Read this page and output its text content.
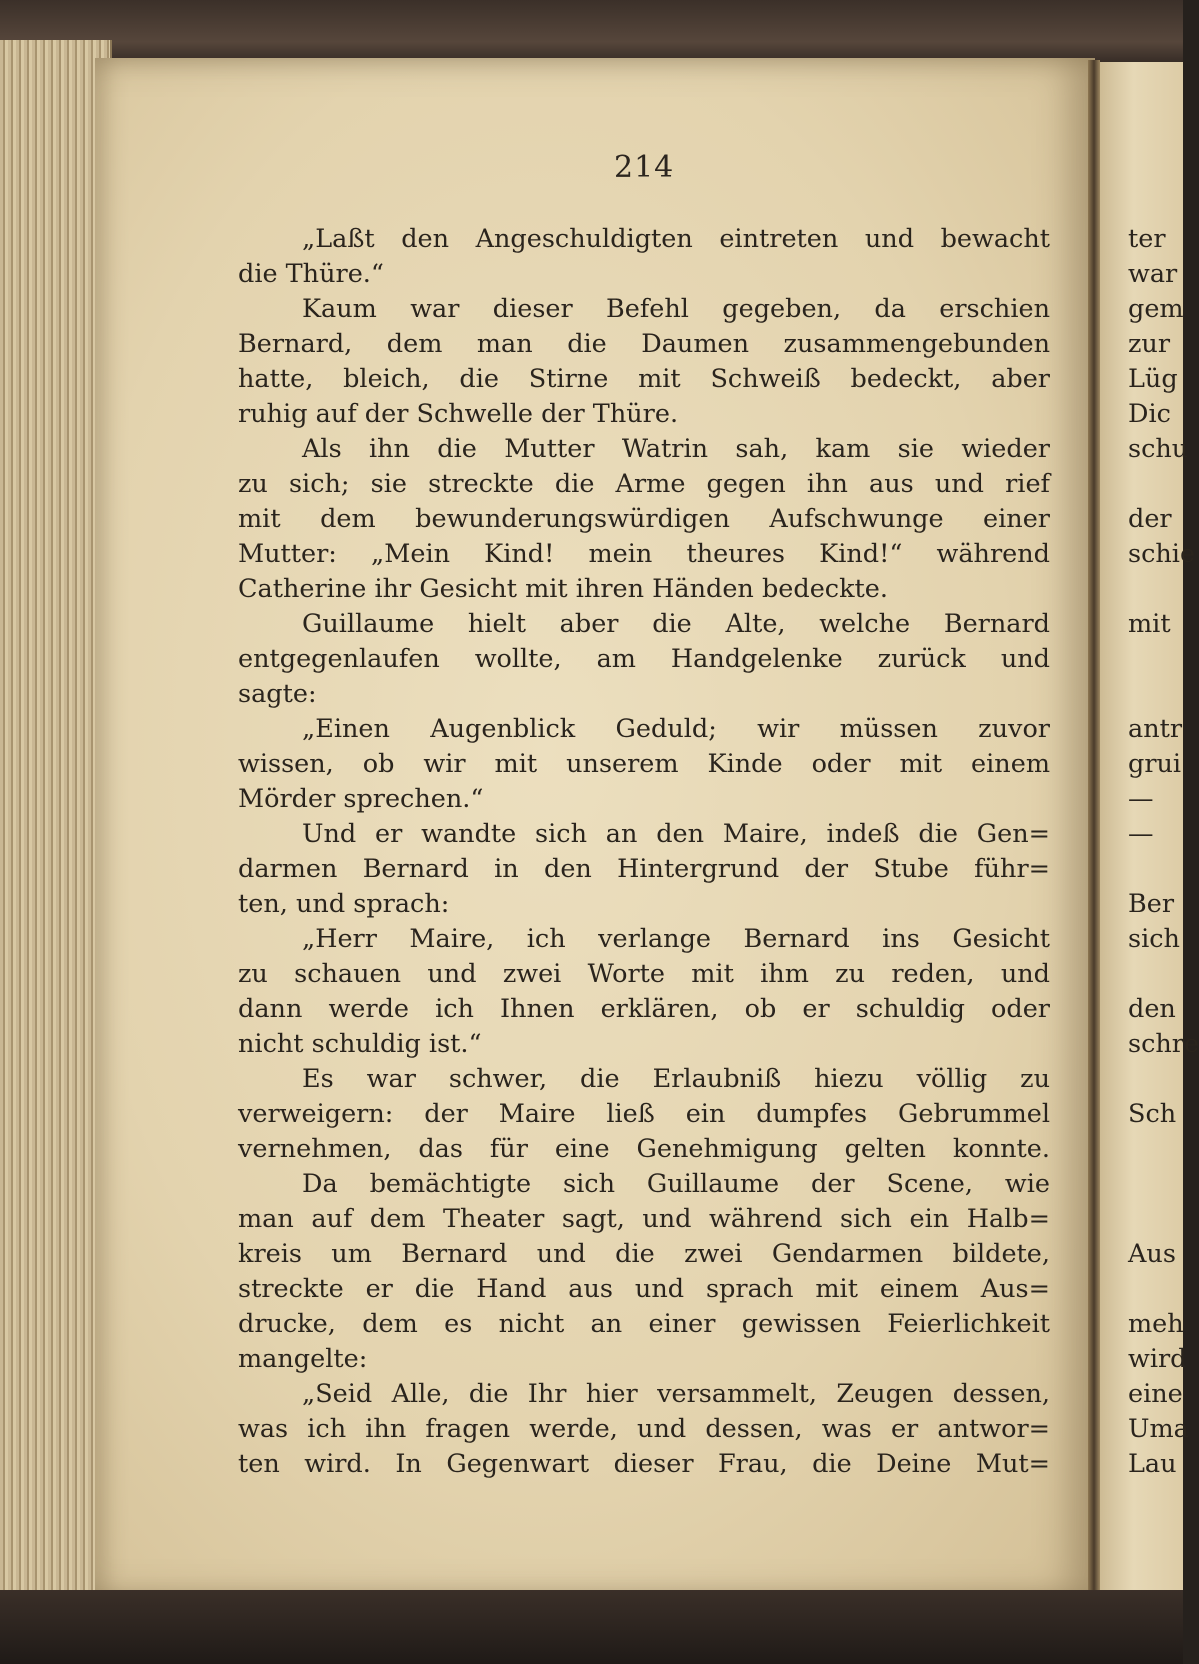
214
„Laßt den Angeschuldigten eintreten und bewacht
die Thüre.“
Kaum war dieser Befehl gegeben, da erschien
Bernard, dem man die Daumen zusammengebunden
hatte, bleich, die Stirne mit Schweiß bedeckt, aber
ruhig auf der Schwelle der Thüre.
Als ihn die Mutter Watrin sah, kam sie wieder
zu sich; sie streckte die Arme gegen ihn aus und rief
mit dem bewunderungswürdigen Aufschwunge einer
Mutter: „Mein Kind! mein theures Kind!“ während
Catherine ihr Gesicht mit ihren Händen bedeckte.
Guillaume hielt aber die Alte, welche Bernard
entgegenlaufen wollte, am Handgelenke zurück und
sagte:
„Einen Augenblick Geduld; wir müssen zuvor
wissen, ob wir mit unserem Kinde oder mit einem
Mörder sprechen.“
Und er wandte sich an den Maire, indeß die Gen=
darmen Bernard in den Hintergrund der Stube führ=
ten, und sprach:
„Herr Maire, ich verlange Bernard ins Gesicht
zu schauen und zwei Worte mit ihm zu reden, und
dann werde ich Ihnen erklären, ob er schuldig oder
nicht schuldig ist.“
Es war schwer, die Erlaubniß hiezu völlig zu
verweigern: der Maire ließ ein dumpfes Gebrummel
vernehmen, das für eine Genehmigung gelten konnte.
Da bemächtigte sich Guillaume der Scene, wie
man auf dem Theater sagt, und während sich ein Halb=
kreis um Bernard und die zwei Gendarmen bildete,
streckte er die Hand aus und sprach mit einem Aus=
drucke, dem es nicht an einer gewissen Feierlichkeit
mangelte:
„Seid Alle, die Ihr hier versammelt, Zeugen dessen,
was ich ihn fragen werde, und dessen, was er antwor=
ten wird. In Gegenwart dieser Frau, die Deine Mut=
ter
war
gem
zur
Lüg
Dic
schu

der
schie

mit

antr
grui
—
—

Ber
sich

den
schre

Sch

Aus

meh
wird
eine
Uma
Lau
